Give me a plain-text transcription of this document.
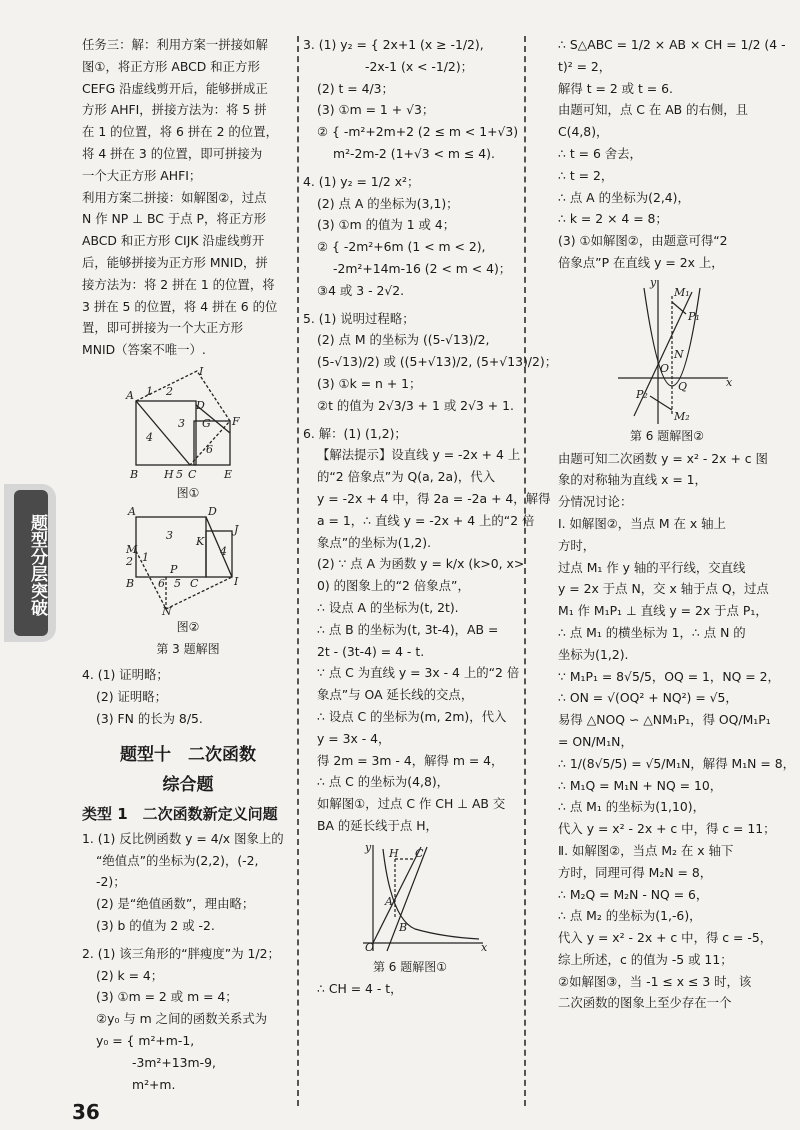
题型分层突破
任务三：解：利用方案一拼接如解
图①，将正方形 ABCD 和正方形
CEFG 沿虚线剪开后，能够拼成正
方形 AHFI，拼接方法为：将 5 拼
在 1 的位置，将 6 拼在 2 的位置，
将 4 拼在 3 的位置，即可拼接为
一个大正方形 AHFI；
利用方案二拼接：如解图②，过点
N 作 NP ⊥ BC 于点 P，将正方形
ABCD 和正方形 CIJK 沿虚线剪开
后，能够拼接为正方形 MNID，拼
接方法为：将 2 拼在 1 的位置，将
3 拼在 5 的位置，将 4 拼在 6 的位
置，即可拼接为一个大正方形
MNID（答案不唯一）.
A 1 2
I
D
F
G
4
3
6
B H 5 C	E
图①
A	D
3 K
J
4
M
2 1
P
B 6 5 C	I
N
图②
第 3 题解图
4. (1) 证明略；
(2) 证明略；
(3) FN 的长为 8/5.
题型十　二次函数
综合题
类型 1　二次函数新定义问题
1. (1) 反比例函数 y = 4/x 图象上的
“绝值点”的坐标为(2,2)，(-2,
-2)；
(2) 是“绝值函数”，理由略；
(3) b 的值为 2 或 -2.
2. (1) 该三角形的“胖瘦度”为 1/2；
(2) k = 4；
(3) ①m = 2 或 m = 4；
②y₀ 与 m 之间的函数关系式为
y₀ = { m²+m-1,
-3m²+13m-9,
m²+m.
3. (1) y₂ = { 2x+1 (x ≥ -1/2),
-2x-1 (x < -1/2)；
(2) t = 4/3；
(3) ①m = 1 + √3；
② { -m²+2m+2 (2 ≤ m < 1+√3)
m²-2m-2 (1+√3 < m ≤ 4).
4. (1) y₂ = 1/2 x²；
(2) 点 A 的坐标为(3,1)；
(3) ①m 的值为 1 或 4；
② { -2m²+6m (1 < m < 2),
-2m²+14m-16 (2 < m < 4)；
③4 或 3 - 2√2.
5. (1) 说明过程略；
(2) 点 M 的坐标为 ((5-√13)/2,
(5-√13)/2) 或 ((5+√13)/2, (5+√13)/2)；
(3) ①k = n + 1；
②t 的值为 2√3/3 + 1 或 2√3 + 1.
6. 解：(1) (1,2)；
【解法提示】设直线 y = -2x + 4 上
的“2 倍象点”为 Q(a, 2a)，代入
y = -2x + 4 中，得 2a = -2a + 4，解得
a = 1，∴ 直线 y = -2x + 4 上的“2 倍
象点”的坐标为(1,2).
(2) ∵ 点 A 为函数 y = k/x (k>0, x>
0) 的图象上的“2 倍象点”，
∴ 设点 A 的坐标为(t, 2t).
∴ 点 B 的坐标为(t, 3t-4)，AB =
2t - (3t-4) = 4 - t.
∵ 点 C 为直线 y = 3x - 4 上的“2 倍
象点”与 OA 延长线的交点，
∴ 设点 C 的坐标为(m, 2m)，代入
y = 3x - 4，
得 2m = 3m - 4，解得 m = 4，
∴ 点 C 的坐标为(4,8)，
如解图①，过点 C 作 CH ⊥ AB 交
BA 的延长线于点 H，
y H C
A
B
O	x
第 6 题解图①
∴ CH = 4 - t，
∴ S△ABC = 1/2 × AB × CH = 1/2 (4 -
t)² = 2，
解得 t = 2 或 t = 6.
由题可知，点 C 在 AB 的右侧，且
C(4,8)，
∴ t = 6 舍去，
∴ t = 2，
∴ 点 A 的坐标为(2,4)，
∴ k = 2 × 4 = 8；
(3) ①如解图②，由题意可得“2
倍象点”P 在直线 y = 2x 上，
y
M₁
P₁
N
O
Q	x
P₂
M₂
第 6 题解图②
由题可知二次函数 y = x² - 2x + c 图
象的对称轴为直线 x = 1，
分情况讨论：
Ⅰ. 如解图②，当点 M 在 x 轴上
方时，
过点 M₁ 作 y 轴的平行线，交直线
y = 2x 于点 N，交 x 轴于点 Q，过点
M₁ 作 M₁P₁ ⊥ 直线 y = 2x 于点 P₁，
∴ 点 M₁ 的横坐标为 1，∴ 点 N 的
坐标为(1,2).
∵ M₁P₁ = 8√5/5，OQ = 1，NQ = 2，
∴ ON = √(OQ² + NQ²) = √5，
易得 △NOQ ∽ △NM₁P₁，得 OQ/M₁P₁
= ON/M₁N，
∴ 1/(8√5/5) = √5/M₁N，解得 M₁N = 8，
∴ M₁Q = M₁N + NQ = 10，
∴ 点 M₁ 的坐标为(1,10)，
代入 y = x² - 2x + c 中，得 c = 11；
Ⅱ. 如解图②，当点 M₂ 在 x 轴下
方时，同理可得 M₂N = 8，
∴ M₂Q = M₂N - NQ = 6，
∴ 点 M₂ 的坐标为(1,-6)，
代入 y = x² - 2x + c 中，得 c = -5，
综上所述，c 的值为 -5 或 11；
②如解图③，当 -1 ≤ x ≤ 3 时，该
二次函数的图象上至少存在一个
36
